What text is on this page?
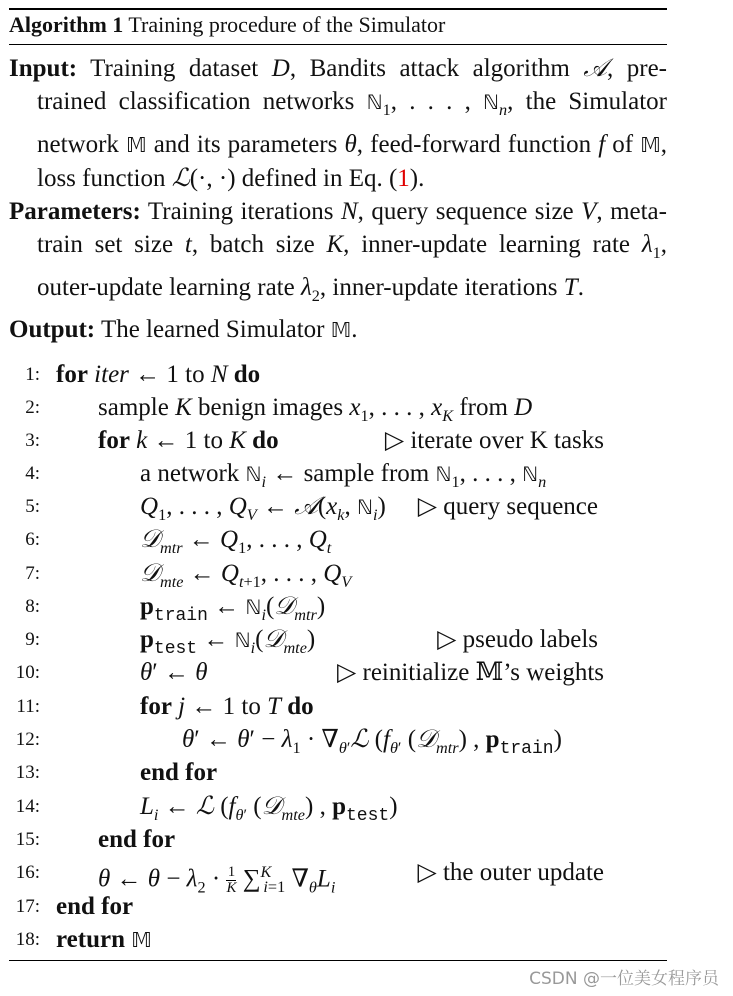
Algorithm 1 Training procedure of the Simulator
Input: Training dataset D, Bandits attack algorithm 𝒜, pre-trained classification networks ℕ$_1$, . . . , ℕ$_n$, the Simulator network 𝕄 and its parameters θ, feed-forward function f of 𝕄, loss function ℒ(·, ·) defined in Eq. (1).
Parameters: Training iterations N, query sequence size V, meta-train set size t, batch size K, inner-update learning rate $\lambda_1$, outer-update learning rate $\lambda_2$, inner-update iterations T.
Output: The learned Simulator 𝕄.
1: for iter ← 1 to N do
2: sample K benign images $x_1$, . . . , $x_K$ from D
3: for k ← 1 to K do	▷ iterate over K tasks
4:	a network ℕ$_i$ ← sample from ℕ$_1$, . . . , ℕ$_n$
5:	$Q_1$, . . . , $Q_V$ ← $𝒜(x_k$, ℕ$_i$) ▷ query sequence
6:	𝒟$_{mtr}$ ← $Q_1$, . . . , $Q_t$
7:	𝒟$_{mte}$ ← $Q_{t+1}$, . . . , $Q_V$
8:	$p_{train}$ ← ℕ$_i$(𝒟$_{mtr}$)
9:	$p_{test}$ ← ℕ$_i$(𝒟$_{mte}$)	▷ pseudo labels
10:	θ′ ← θ	▷ reinitialize 𝕄’s weights
11:	for j ← 1 to T do
12:	θ′ ← $\theta' - \lambda_1$ · $\nabla_{\theta'}ℒ$ ($f_{\theta'}$ (𝒟$_{mtr}$) , $p_{train}$)
13:	end for
14:	$L_i$ ← ℒ ($f_{\theta'}$ (𝒟$_{mte}$) , $p_{test}$)
15: end for
16: θ ← $\theta - \lambda_2 \cdot \frac{1}{K} \sum^K_{i=1}$ $\nabla_\theta L_i$
▷ the outer update
17: end for
18: return 𝕄
CSDN @一位美女程序员
